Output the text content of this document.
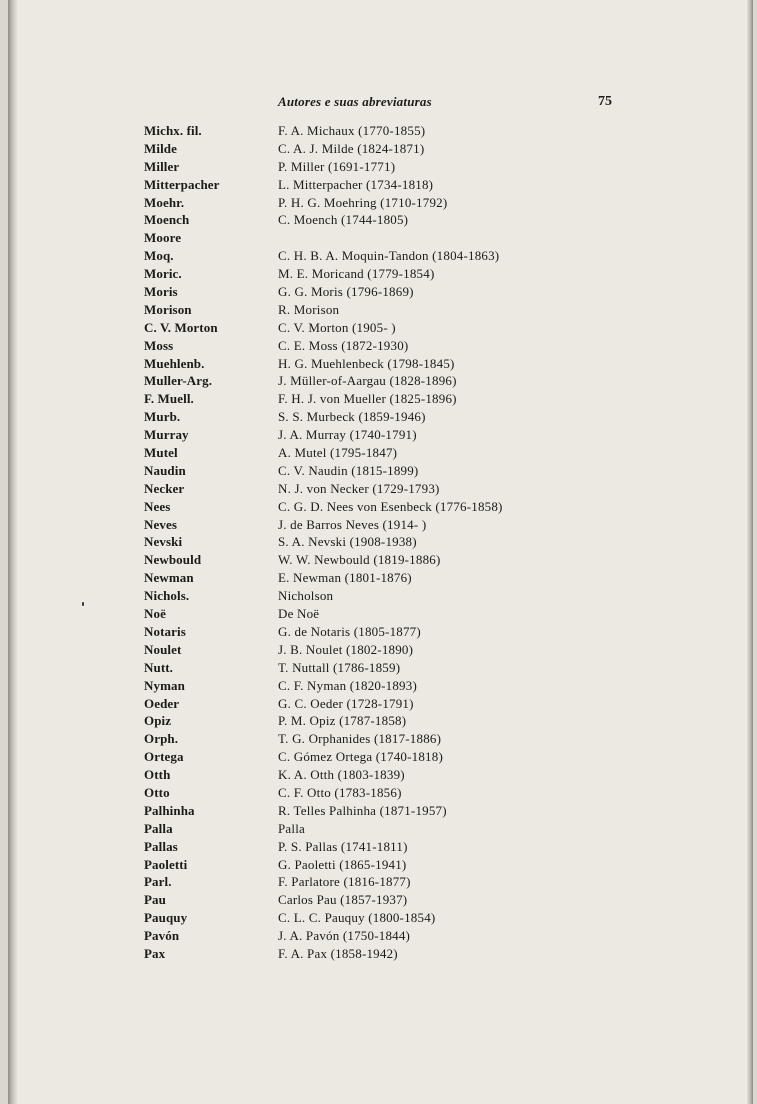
Autores e suas abreviaturas	75
Michx. fil.	F. A. Michaux (1770-1855)
Milde	C. A. J. Milde (1824-1871)
Miller	P. Miller (1691-1771)
Mitterpacher	L. Mitterpacher (1734-1818)
Moehr.	P. H. G. Moehring (1710-1792)
Moench	C. Moench (1744-1805)
Moore
Moq.	C. H. B. A. Moquin-Tandon (1804-1863)
Moric.	M. E. Moricand (1779-1854)
Moris	G. G. Moris (1796-1869)
Morison	R. Morison
C. V. Morton	C. V. Morton (1905- )
Moss	C. E. Moss (1872-1930)
Muehlenb.	H. G. Muehlenbeck (1798-1845)
Muller-Arg.	J. Müller-of-Aargau (1828-1896)
F. Muell.	F. H. J. von Mueller (1825-1896)
Murb.	S. S. Murbeck (1859-1946)
Murray	J. A. Murray (1740-1791)
Mutel	A. Mutel (1795-1847)
Naudin	C. V. Naudin (1815-1899)
Necker	N. J. von Necker (1729-1793)
Nees	C. G. D. Nees von Esenbeck (1776-1858)
Neves	J. de Barros Neves (1914- )
Nevski	S. A. Nevski (1908-1938)
Newbould	W. W. Newbould (1819-1886)
Newman	E. Newman (1801-1876)
Nichols.	Nicholson
Noë	De Noë
Notaris	G. de Notaris (1805-1877)
Noulet	J. B. Noulet (1802-1890)
Nutt.	T. Nuttall (1786-1859)
Nyman	C. F. Nyman (1820-1893)
Oeder	G. C. Oeder (1728-1791)
Opiz	P. M. Opiz (1787-1858)
Orph.	T. G. Orphanides (1817-1886)
Ortega	C. Gómez Ortega (1740-1818)
Otth	K. A. Otth (1803-1839)
Otto	C. F. Otto (1783-1856)
Palhinha	R. Telles Palhinha (1871-1957)
Palla	Palla
Pallas	P. S. Pallas (1741-1811)
Paoletti	G. Paoletti (1865-1941)
Parl.	F. Parlatore (1816-1877)
Pau	Carlos Pau (1857-1937)
Pauquy	C. L. C. Pauquy (1800-1854)
Pavón	J. A. Pavón (1750-1844)
Pax	F. A. Pax (1858-1942)
